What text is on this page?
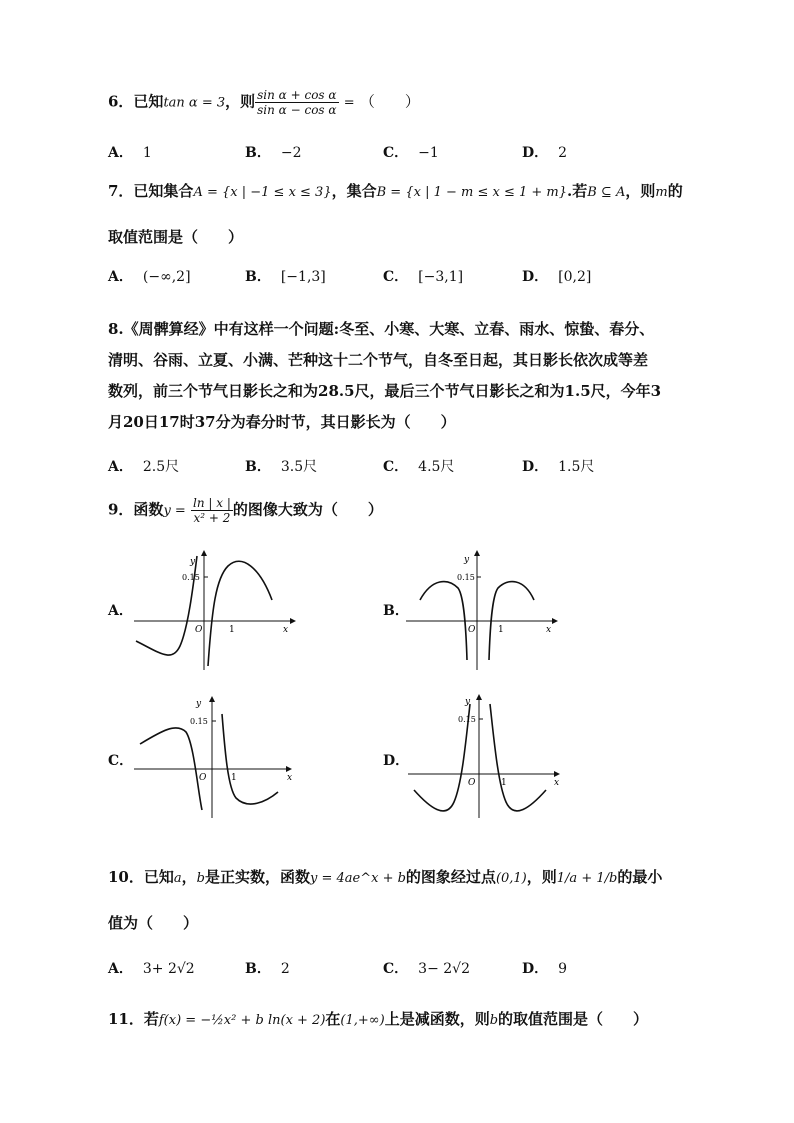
6．已知tan α = 3，则 $\frac{\text{sin α + cos α}}{\text{sin α − cos α}}$ = （　　）
A． 1	B． −2	C． −1	D． 2
7．已知集合A = {x | −1 ≤ x ≤ 3}，集合B = {x | 1 − m ≤ x ≤ 1 + m}.若B ⊆ A，则m的
取值范围是（　　）
A． (−∞,2]	B． [−1,3]	C． [−3,1]	D． [0,2]
8.《周髀算经》中有这样一个问题:冬至、小寒、大寒、立春、雨水、惊蛰、春分、
清明、谷雨、立夏、小满、芒种这十二个节气，自冬至日起，其日影长依次成等差
数列，前三个节气日影长之和为28.5尺，最后三个节气日影长之和为1.5尺，今年3
月20日17时37分为春分时节，其日影长为（　　）
A． 2.5尺	B． 3.5尺	C． 4.5尺	D． 1.5尺
9．函数$y = \frac{\ln | x |}{\text{x² + 2}}$ 的图像大致为（　　）
A．
y
0.15
O	1	x
B．
y
0.15
O	1	x
C．
y
0.15
O	1	x
D．
y
0.15
O	1	x
10．已知a，b是正实数，函数y = 4ae^x + b的图象经过点(0,1)，则1/a + 1/b的最小
值为（　　）
A． 3+ 2√2	B． 2	C． 3− 2√2	D． 9
11．若f(x) = −½x² + b ln(x + 2)在(1,+∞)上是减函数，则b的取值范围是（　　）
